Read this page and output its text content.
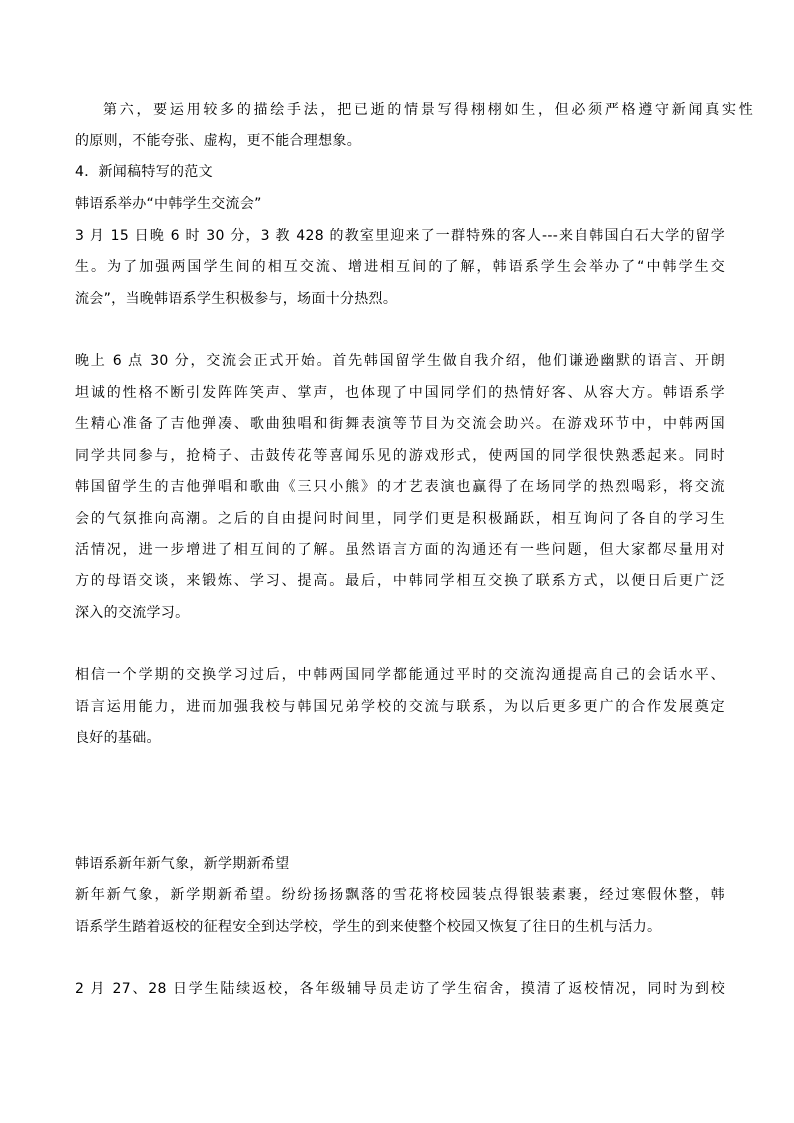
第六，要运用较多的描绘手法，把已逝的情景写得栩栩如生，但必须严格遵守新闻真实性
的原则，不能夸张、虚构，更不能合理想象。
4．新闻稿特写的范文
韩语系举办“中韩学生交流会”
3 月 15 日晚 6 时 30 分，3 教 428 的教室里迎来了一群特殊的客人---来自韩国白石大学的留学
生。为了加强两国学生间的相互交流、增进相互间的了解，韩语系学生会举办了“中韩学生交
流会”，当晚韩语系学生积极参与，场面十分热烈。
晚上 6 点 30 分，交流会正式开始。首先韩国留学生做自我介绍，他们谦逊幽默的语言、开朗
坦诚的性格不断引发阵阵笑声、掌声，也体现了中国同学们的热情好客、从容大方。韩语系学
生精心准备了吉他弹凑、歌曲独唱和街舞表演等节目为交流会助兴。在游戏环节中，中韩两国
同学共同参与，抢椅子、击鼓传花等喜闻乐见的游戏形式，使两国的同学很快熟悉起来。同时
韩国留学生的吉他弹唱和歌曲《三只小熊》的才艺表演也赢得了在场同学的热烈喝彩，将交流
会的气氛推向高潮。之后的自由提问时间里，同学们更是积极踊跃，相互询问了各自的学习生
活情况，进一步增进了相互间的了解。虽然语言方面的沟通还有一些问题，但大家都尽量用对
方的母语交谈，来锻炼、学习、提高。最后，中韩同学相互交换了联系方式，以便日后更广泛
深入的交流学习。
相信一个学期的交换学习过后，中韩两国同学都能通过平时的交流沟通提高自己的会话水平、
语言运用能力，进而加强我校与韩国兄弟学校的交流与联系，为以后更多更广的合作发展奠定
良好的基础。
韩语系新年新气象，新学期新希望
新年新气象，新学期新希望。纷纷扬扬飘落的雪花将校园装点得银装素裹，经过寒假休整，韩
语系学生踏着返校的征程安全到达学校，学生的到来使整个校园又恢复了往日的生机与活力。
2 月 27、28 日学生陆续返校，各年级辅导员走访了学生宿舍，摸清了返校情况，同时为到校
